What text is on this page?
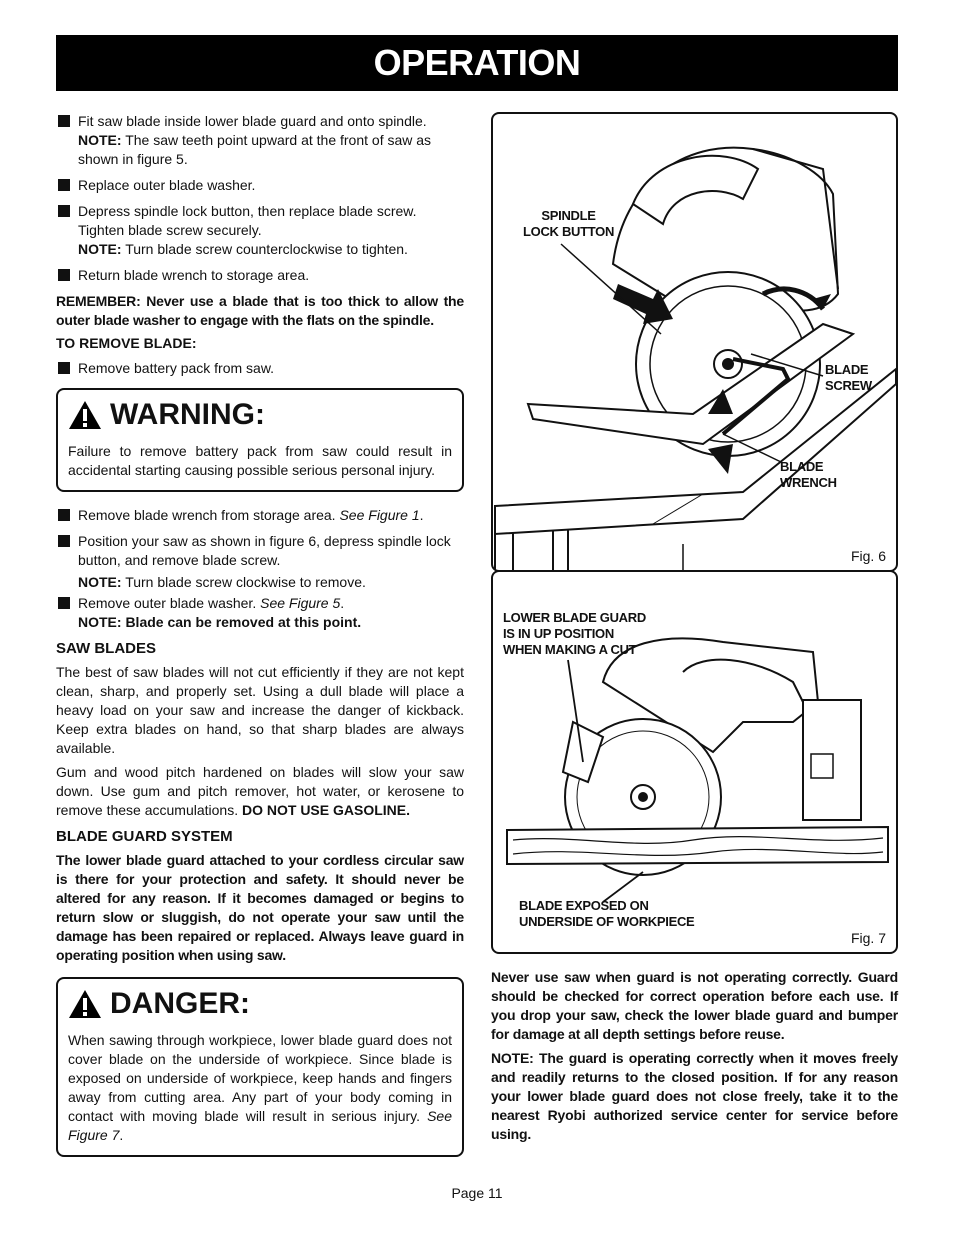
OPERATION
Fit saw blade inside lower blade guard and onto spindle.
NOTE: The saw teeth point upward at the front of saw as shown in figure 5.
Replace outer blade washer.
Depress spindle lock button, then replace blade screw. Tighten blade screw securely.
NOTE: Turn blade screw counterclockwise to tighten.
Return blade wrench to storage area.

REMEMBER: Never use a blade that is too thick to allow the outer blade washer to engage with the flats on the spindle.

TO REMOVE BLADE:

Remove battery pack from saw.
WARNING:

Failure to remove battery pack from saw could result in accidental starting causing possible serious personal injury.

Remove blade wrench from storage area. See Figure 1.
Position your saw as shown in figure 6, depress spindle lock button, and remove blade screw.
NOTE: Turn blade screw clockwise to remove.
Remove outer blade washer. See Figure 5.
NOTE: Blade can be removed at this point.
SAW BLADES

The best of saw blades will not cut efficiently if they are not kept clean, sharp, and properly set. Using a dull blade will place a heavy load on your saw and increase the danger of kickback. Keep extra blades on hand, so that sharp blades are always available.

Gum and wood pitch hardened on blades will slow your saw down. Use gum and pitch remover, hot water, or kerosene to remove these accumulations. DO NOT USE GASOLINE.

BLADE GUARD SYSTEM

The lower blade guard attached to your cordless circular saw is there for your protection and safety. It should never be altered for any reason. If it becomes damaged or begins to return slow or sluggish, do not operate your saw until the damage has been repaired or replaced. Always leave guard in operating position when using saw.

DANGER:

When sawing through workpiece, lower blade guard does not cover blade on the underside of workpiece. Since blade is exposed on underside of workpiece, keep hands and fingers away from cutting area. Any part of your body coming in contact with moving blade will result in serious injury. See Figure 7.

SPINDLE
LOCK BUTTON
BLADE
SCREW
BLADE
WRENCH
Fig. 6
LOWER BLADE GUARD
IS IN UP POSITION
WHEN MAKING A CUT
BLADE EXPOSED ON
UNDERSIDE OF WORKPIECE
Fig. 7

Never use saw when guard is not operating correctly. Guard should be checked for correct operation before each use. If you drop your saw, check the lower blade guard and bumper for damage at all depth settings before reuse.

NOTE: The guard is operating correctly when it moves freely and readily returns to the closed position. If for any reason your lower blade guard does not close freely, take it to the nearest Ryobi authorized service center for service before using.

Page 11
